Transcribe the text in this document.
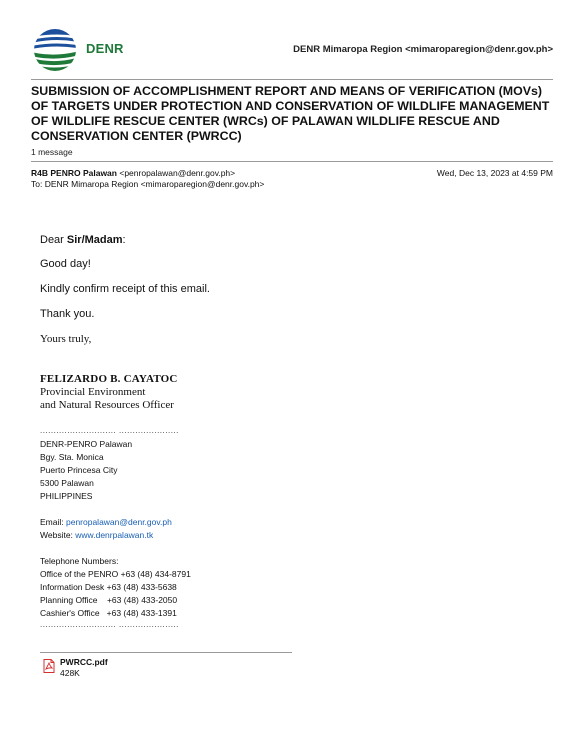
DENR	DENR Mimaropa Region <mimaroparegion@denr.gov.ph>
SUBMISSION OF ACCOMPLISHMENT REPORT AND MEANS OF VERIFICATION (MOVs) OF TARGETS UNDER PROTECTION AND CONSERVATION OF WILDLIFE MANAGEMENT OF WILDLIFE RESCUE CENTER (WRCs) OF PALAWAN WILDLIFE RESCUE AND CONSERVATION CENTER (PWRCC)
1 message
R4B PENRO Palawan <penropalawan@denr.gov.ph>	Wed, Dec 13, 2023 at 4:59 PM
To: DENR Mimaropa Region <mimaroparegion@denr.gov.ph>
Dear Sir/Madam:
Good day!
Kindly confirm receipt of this email.
Thank you.
Yours truly,
FELIZARDO B. CAYATOC
Provincial Environment
and Natural Resources Officer
............................ ......................
DENR-PENRO Palawan
Bgy. Sta. Monica
Puerto Princesa City
5300 Palawan
PHILIPPINES
Email: penropalawan@denr.gov.ph
Website: www.denrpalawan.tk
Telephone Numbers:
Office of the PENRO +63 (48) 434-8791
Information Desk +63 (48) 433-5638
Planning Office    +63 (48) 433-2050
Cashier's Office   +63 (48) 433-1391
............................ ......................
PWRCC.pdf
428K
